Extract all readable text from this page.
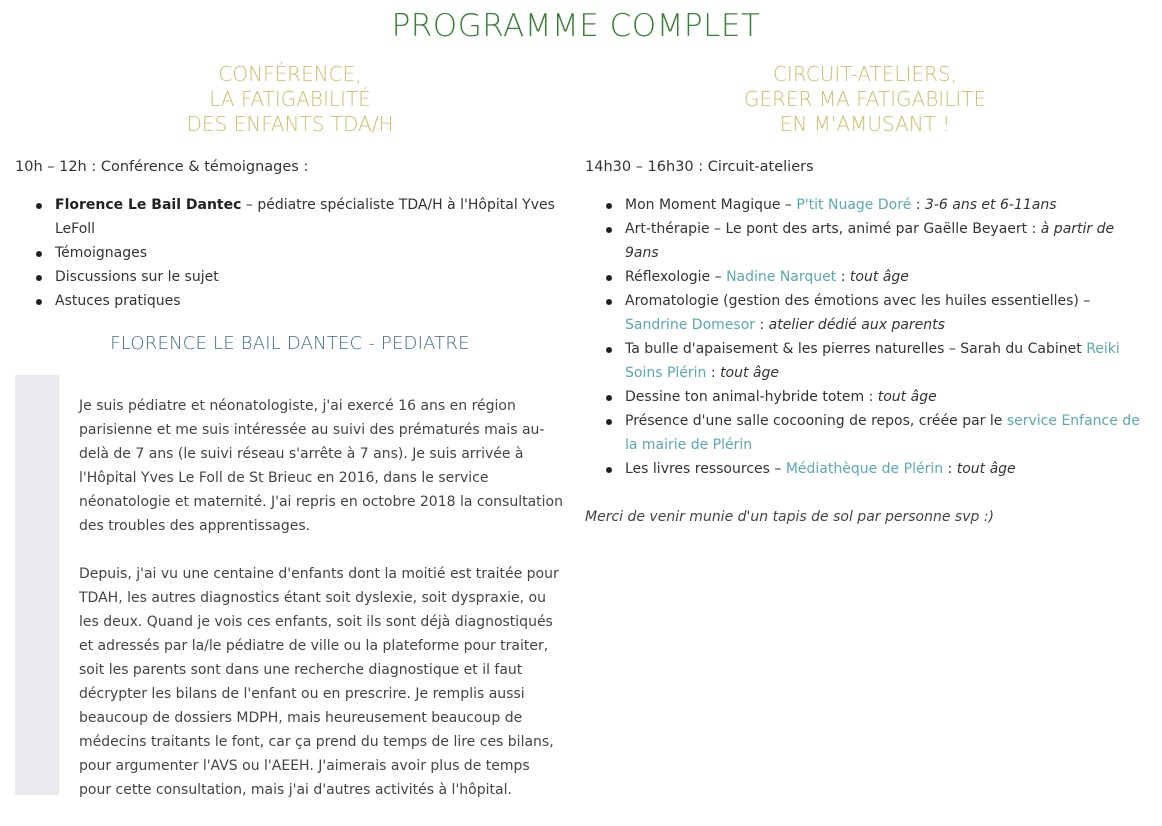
PROGRAMME COMPLET
CONFÉRENCE,
LA FATIGABILITÉ
DES ENFANTS TDA/H

10h – 12h : Conférence & témoignages :

Florence Le Bail Dantec – pédiatre spécialiste TDA/H à l'Hôpital Yves LeFoll
Témoignages
Discussions sur le sujet
Astuces pratiques
FLORENCE LE BAIL DANTEC - PEDIATRE

Je suis pédiatre et néonatologiste, j'ai exercé 16 ans en région parisienne et me suis intéressée au suivi des prématurés mais au-delà de 7 ans (le suivi réseau s'arrête à 7 ans). Je suis arrivée à l'Hôpital Yves Le Foll de St Brieuc en 2016, dans le service néonatologie et maternité. J'ai repris en octobre 2018 la consultation des troubles des apprentissages.

Depuis, j'ai vu une centaine d'enfants dont la moitié est traitée pour TDAH, les autres diagnostics étant soit dyslexie, soit dyspraxie, ou les deux. Quand je vois ces enfants, soit ils sont déjà diagnostiqués et adressés par la/le pédiatre de ville ou la plateforme pour traiter, soit les parents sont dans une recherche diagnostique et il faut décrypter les bilans de l'enfant ou en prescrire. Je remplis aussi beaucoup de dossiers MDPH, mais heureusement beaucoup de médecins traitants le font, car ça prend du temps de lire ces bilans, pour argumenter l'AVS ou l'AEEH. J'aimerais avoir plus de temps pour cette consultation, mais j'ai d'autres activités à l'hôpital.

CIRCUIT-ATELIERS,
GERER MA FATIGABILITE
EN M'AMUSANT !

14h30 – 16h30 : Circuit-ateliers

Mon Moment Magique – P'tit Nuage Doré : 3-6 ans et 6-11ans
Art-thérapie – Le pont des arts, animé par Gaëlle Beyaert : à partir de 9ans
Réflexologie – Nadine Narquet : tout âge
Aromatologie (gestion des émotions avec les huiles essentielles) – Sandrine Domesor : atelier dédié aux parents
Ta bulle d'apaisement & les pierres naturelles – Sarah du Cabinet Reiki Soins Plérin : tout âge
Dessine ton animal-hybride totem : tout âge
Présence d'une salle cocooning de repos, créée par le service Enfance de la mairie de Plérin
Les livres ressources – Médiathèque de Plérin : tout âge

Merci de venir munie d'un tapis de sol par personne svp :)
